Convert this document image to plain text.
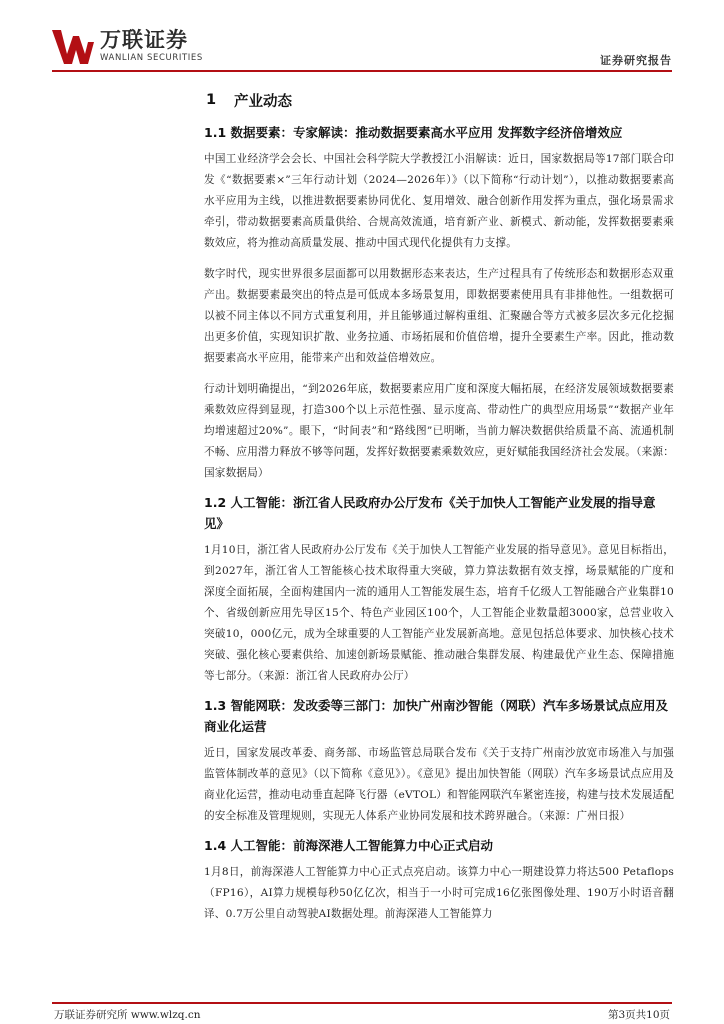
万联证券
WANLIAN SECURITIES	证券研究报告
1	产业动态
1.1 数据要素：专家解读：推动数据要素高水平应用 发挥数字经济倍增效应

中国工业经济学会会长、中国社会科学院大学教授江小涓解读：近日，国家数据局等17部门联合印发《“数据要素×”三年行动计划（2024—2026年）》（以下简称“行动计划”），以推动数据要素高水平应用为主线，以推进数据要素协同优化、复用增效、融合创新作用发挥为重点，强化场景需求牵引，带动数据要素高质量供给、合规高效流通，培育新产业、新模式、新动能，发挥数据要素乘数效应，将为推动高质量发展、推动中国式现代化提供有力支撑。

数字时代，现实世界很多层面都可以用数据形态来表达，生产过程具有了传统形态和数据形态双重产出。数据要素最突出的特点是可低成本多场景复用，即数据要素使用具有非排他性。一组数据可以被不同主体以不同方式重复利用，并且能够通过解构重组、汇聚融合等方式被多层次多元化挖掘出更多价值，实现知识扩散、业务拉通、市场拓展和价值倍增，提升全要素生产率。因此，推动数据要素高水平应用，能带来产出和效益倍增效应。

行动计划明确提出，“到2026年底，数据要素应用广度和深度大幅拓展，在经济发展领域数据要素乘数效应得到显现，打造300个以上示范性强、显示度高、带动性广的典型应用场景”“数据产业年均增速超过20%”。眼下，“时间表”和“路线图”已明晰，当前力解决数据供给质量不高、流通机制不畅、应用潜力释放不够等问题，发挥好数据要素乘数效应，更好赋能我国经济社会发展。（来源：国家数据局）

1.2 人工智能：浙江省人民政府办公厅发布《关于加快人工智能产业发展的指导意见》

1月10日，浙江省人民政府办公厅发布《关于加快人工智能产业发展的指导意见》。意见目标指出，到2027年，浙江省人工智能核心技术取得重大突破，算力算法数据有效支撑，场景赋能的广度和深度全面拓展，全面构建国内一流的通用人工智能发展生态，培育千亿级人工智能融合产业集群10个、省级创新应用先导区15个、特色产业园区100个，人工智能企业数量超3000家，总营业收入突破10，000亿元，成为全球重要的人工智能产业发展新高地。意见包括总体要求、加快核心技术突破、强化核心要素供给、加速创新场景赋能、推动融合集群发展、构建最优产业生态、保障措施等七部分。（来源：浙江省人民政府办公厅）

1.3 智能网联：发改委等三部门：加快广州南沙智能（网联）汽车多场景试点应用及商业化运营

近日，国家发展改革委、商务部、市场监管总局联合发布《关于支持广州南沙放宽市场准入与加强监管体制改革的意见》（以下简称《意见》）。《意见》提出加快智能（网联）汽车多场景试点应用及商业化运营，推动电动垂直起降飞行器（eVTOL）和智能网联汽车紧密连接，构建与技术发展适配的安全标准及管理规则，实现无人体系产业协同发展和技术跨界融合。（来源：广州日报）

1.4 人工智能：前海深港人工智能算力中心正式启动

1月8日，前海深港人工智能算力中心正式点亮启动。该算力中心一期建设算力将达500 Petaflops（FP16），AI算力规模每秒50亿亿次，相当于一小时可完成16亿张图像处理、190万小时语音翻译、0.7万公里自动驾驶AI数据处理。前海深港人工智能算力

万联证券研究所 www.wlzq.cn	第3页共10页
